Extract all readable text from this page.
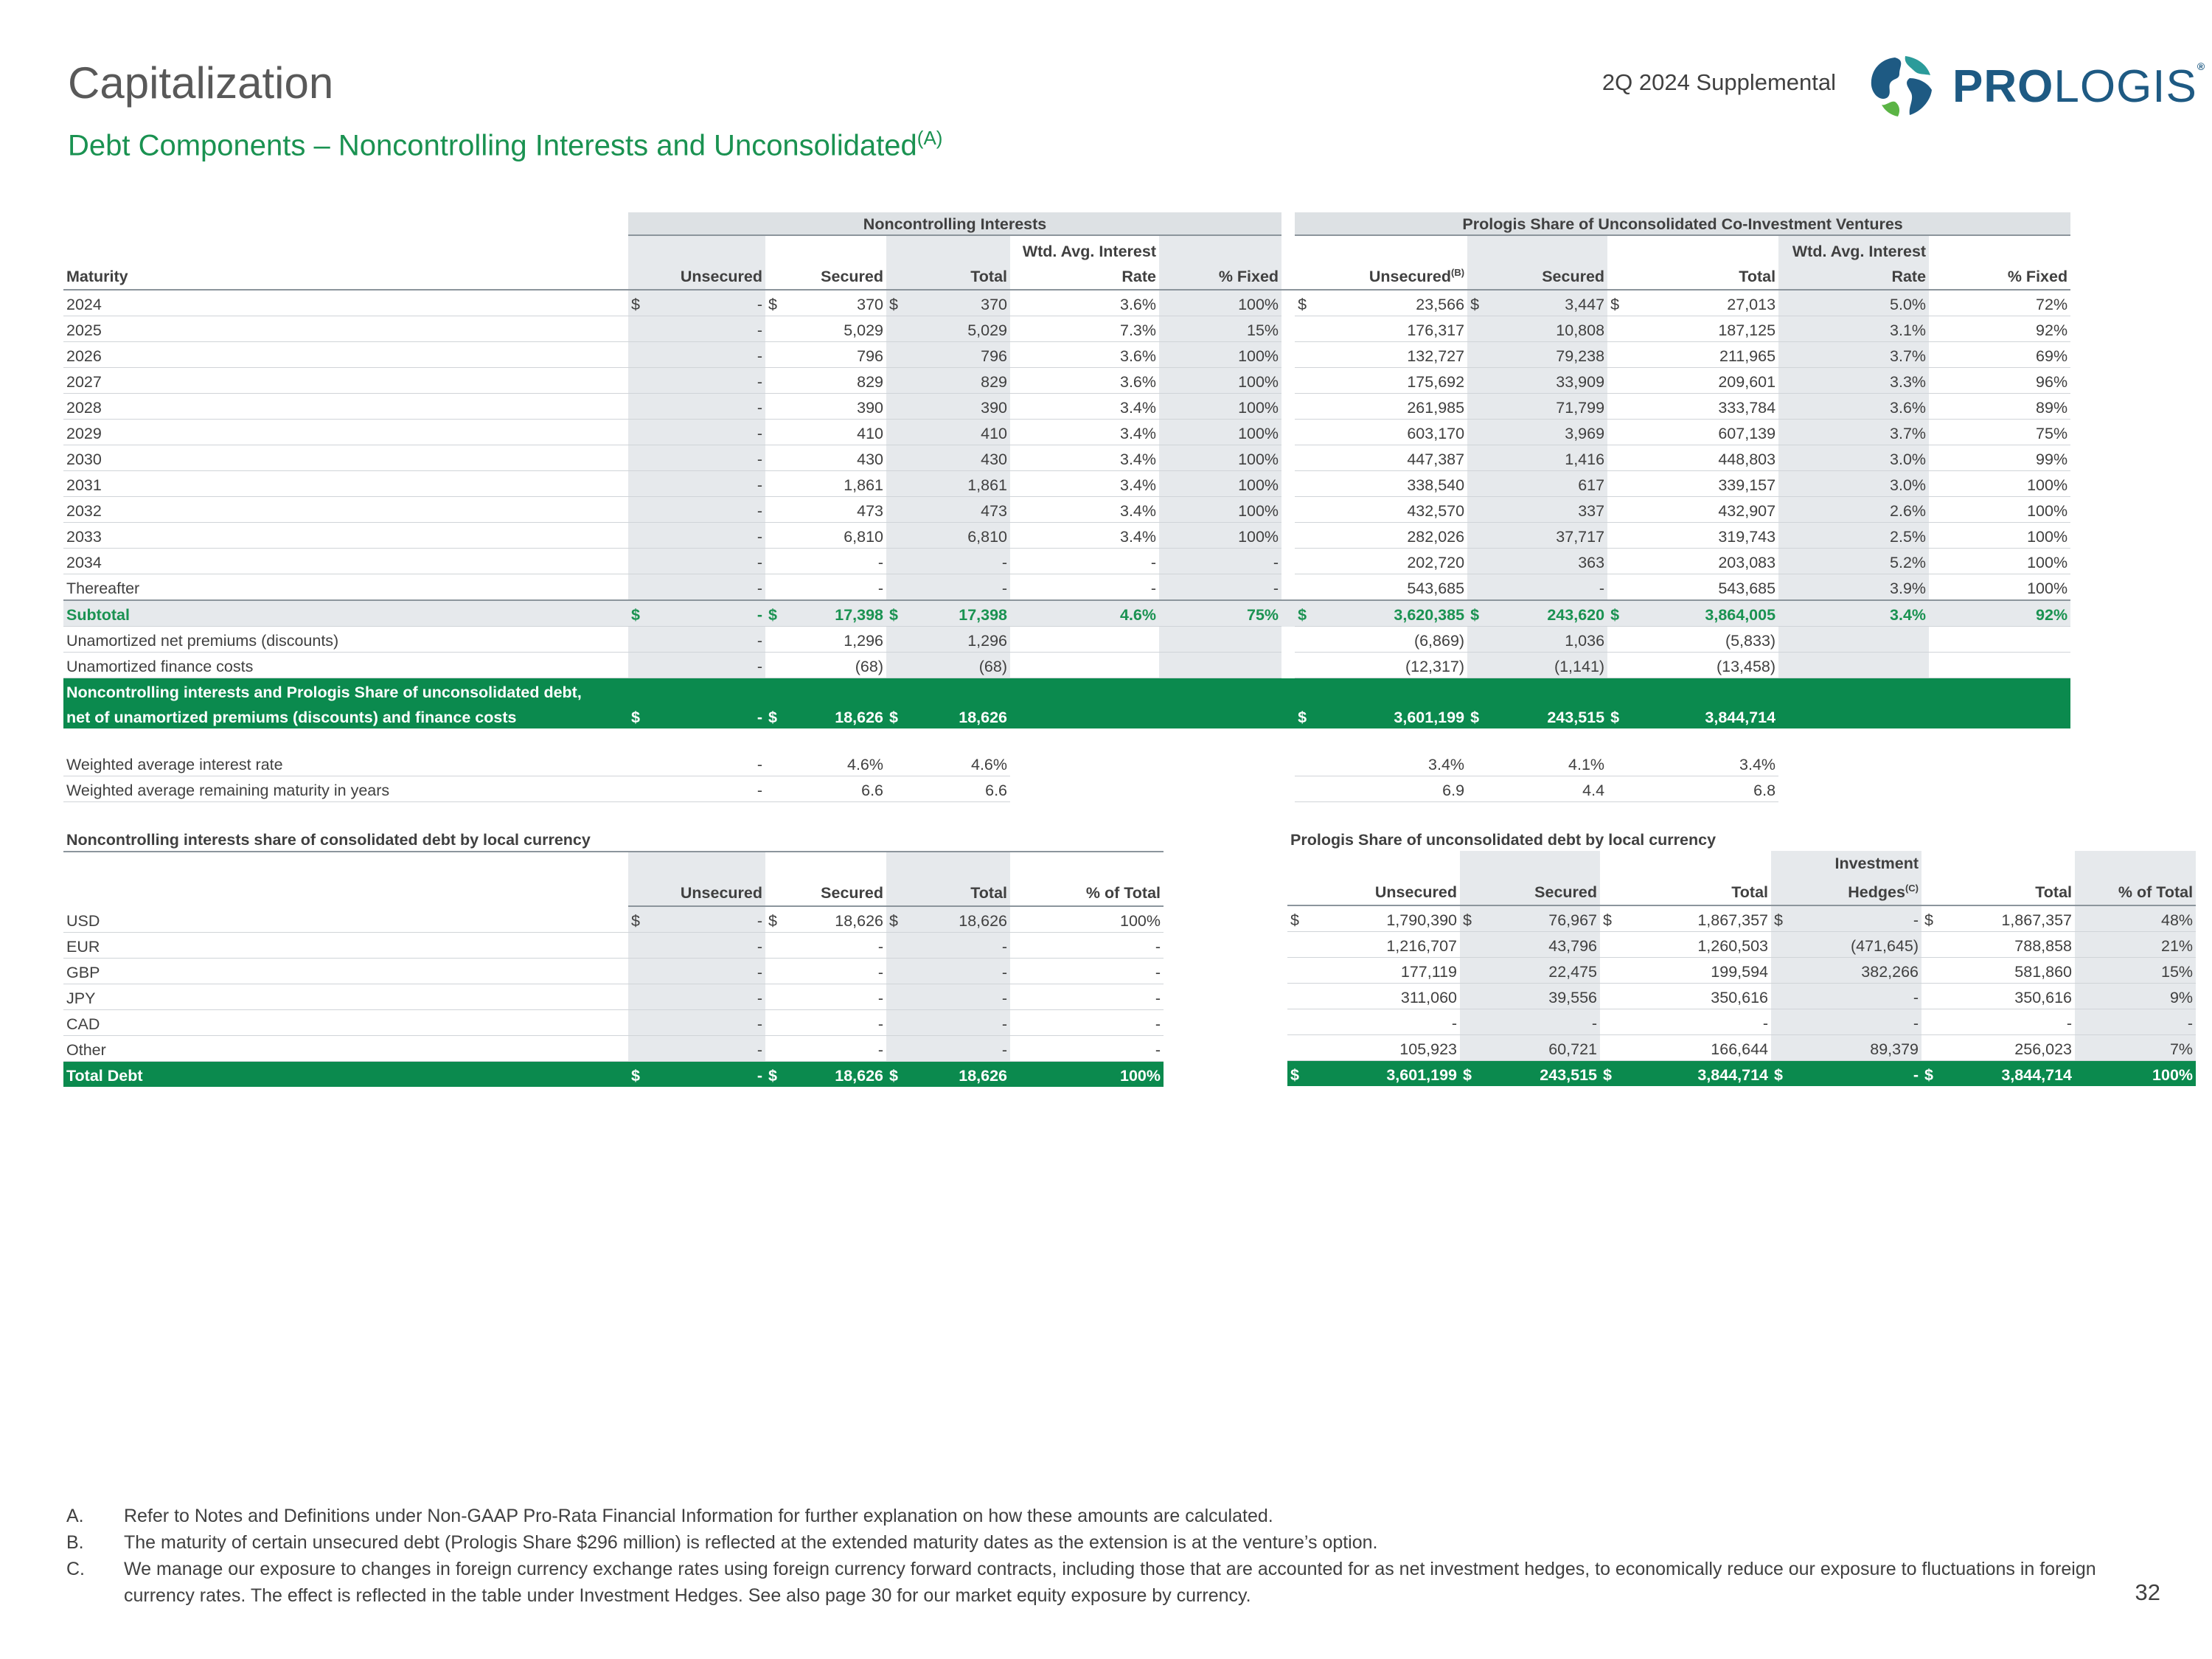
Capitalization
Debt Components – Noncontrolling Interests and Unconsolidated$^{(A)}$
2Q 2024 Supplemental	PROLOGIS®
	Noncontrolling Interests						Prologis Share of Unconsolidated Co-Investment Ventures				
Maturity	Unsecured	Secured	Total	Wtd. Avg. Interest Rate	% Fixed		Unsecured$^{(B)}$	Secured	Total	Wtd. Avg. Interest Rate	% Fixed
2024	$ -	$ 370	$ 370	3.6%	100%		$ 23,566	$ 3,447	$ 27,013	5.0%	72%
2025	-	5,029	5,029	7.3%	15%		176,317	10,808	187,125	3.1%	92%
2026	-	796	796	3.6%	100%		132,727	79,238	211,965	3.7%	69%
2027	-	829	829	3.6%	100%		175,692	33,909	209,601	3.3%	96%
2028	-	390	390	3.4%	100%		261,985	71,799	333,784	3.6%	89%
2029	-	410	410	3.4%	100%		603,170	3,969	607,139	3.7%	75%
2030	-	430	430	3.4%	100%		447,387	1,416	448,803	3.0%	99%
2031	-	1,861	1,861	3.4%	100%		338,540	617	339,157	3.0%	100%
2032	-	473	473	3.4%	100%		432,570	337	432,907	2.6%	100%
2033	-	6,810	6,810	3.4%	100%		282,026	37,717	319,743	2.5%	100%
2034	-	-	-	-	-		202,720	363	203,083	5.2%	100%
Thereafter	-	-	-	-	-		543,685	-	543,685	3.9%	100%
Subtotal	$ -	$ 17,398	$ 17,398	4.6%	75%		$ 3,620,385	$ 243,620	$ 3,864,005	3.4%	92%
Unamortized net premiums (discounts)	-	1,296	1,296				(6,869)	1,036	(5,833)		
Unamortized finance costs	-	(68)	(68)				(12,317)	(1,141)	(13,458)		
Noncontrolling interests and Prologis Share of unconsolidated debt,											
net of unamortized premiums (discounts) and finance costs	$ -	$ 18,626	$ 18,626				$ 3,601,199	$ 243,515	$ 3,844,714		

Weighted average interest rate	-	4.6%	4.6%				3.4%	4.1%	3.4%		
Weighted average remaining maturity in years	-	6.6	6.6				6.9	4.4	6.8		
Noncontrolling interests share of consolidated debt by local currency				
	Unsecured	Secured	Total	% of Total
USD	$ -	$ 18,626	$ 18,626	100%
EUR	-	-	-	-
GBP	-	-	-	-
JPY	-	-	-	-
CAD	-	-	-	-
Other	-	-	-	-
Total Debt	$ -	$ 18,626	$ 18,626	100%
Prologis Share of unconsolidated debt by local currency					
Unsecured	Secured	Total	Investment Hedges$^{(C)}$	Total	% of Total

$ 1,790,390	$ 76,967	$ 1,867,357	$ -	$ 1,867,357	48%
1,216,707	43,796	1,260,503	(471,645)	788,858	21%
177,119	22,475	199,594	382,266	581,860	15%
311,060	39,556	350,616	-	350,616	9%
-	-	-	-	-	-
105,923	60,721	166,644	89,379	256,023	7%

$ 3,601,199	$ 243,515	$ 3,844,714	$ -	$ 3,844,714	100%
A.	Refer to Notes and Definitions under Non-GAAP Pro-Rata Financial Information for further explanation on how these amounts are calculated.
B.	The maturity of certain unsecured debt (Prologis Share $296 million) is reflected at the extended maturity dates as the extension is at the venture’s option.
C.	We manage our exposure to changes in foreign currency exchange rates using foreign currency forward contracts, including those that are accounted for as net investment hedges, to economically reduce our exposure to fluctuations in foreign currency rates. The effect is reflected in the table under Investment Hedges. See also page 30 for our market equity exposure by currency.	32
